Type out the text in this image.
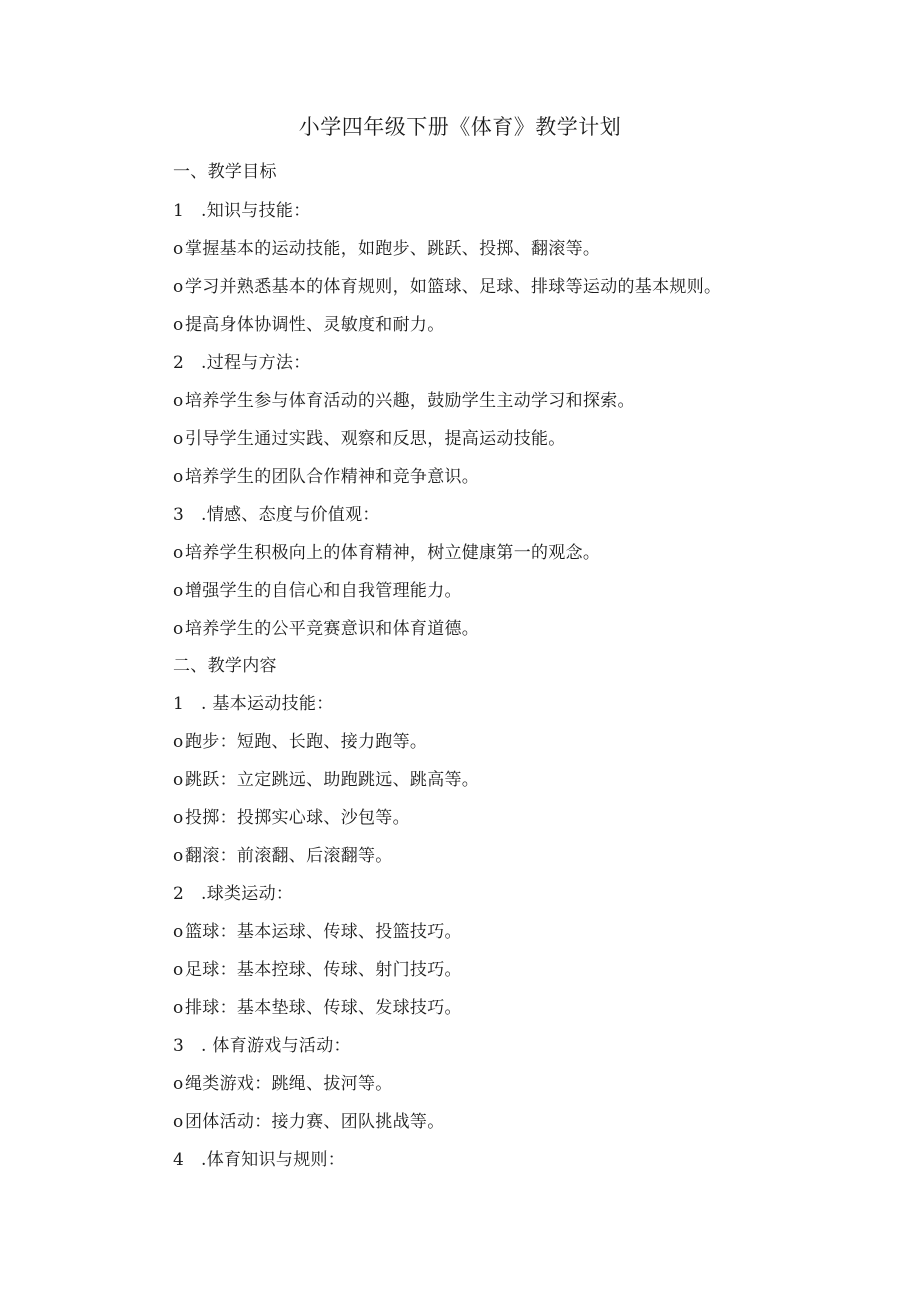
小学四年级下册《体育》教学计划
一、教学目标
1 .知识与技能：
o掌握基本的运动技能，如跑步、跳跃、投掷、翻滚等。
o学习并熟悉基本的体育规则，如篮球、足球、排球等运动的基本规则。
o提高身体协调性、灵敏度和耐力。
2 .过程与方法：
o培养学生参与体育活动的兴趣，鼓励学生主动学习和探索。
o引导学生通过实践、观察和反思，提高运动技能。
o培养学生的团队合作精神和竞争意识。
3 .情感、态度与价值观：
o培养学生积极向上的体育精神，树立健康第一的观念。
o增强学生的自信心和自我管理能力。
o培养学生的公平竞赛意识和体育道德。
二、教学内容
1 . 基本运动技能：
o跑步：短跑、长跑、接力跑等。
o跳跃：立定跳远、助跑跳远、跳高等。
o投掷：投掷实心球、沙包等。
o翻滚：前滚翻、后滚翻等。
2 .球类运动：
o篮球：基本运球、传球、投篮技巧。
o足球：基本控球、传球、射门技巧。
o排球：基本垫球、传球、发球技巧。
3 . 体育游戏与活动：
o绳类游戏：跳绳、拔河等。
o团体活动：接力赛、团队挑战等。
4 .体育知识与规则：
